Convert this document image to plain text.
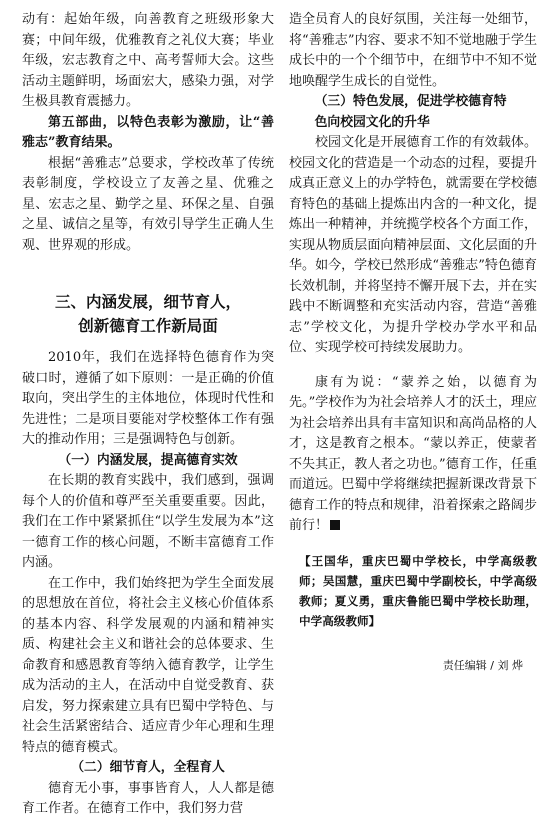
动有：起始年级，向善教育之班级形象大赛；中间年级，优雅教育之礼仪大赛；毕业年级，宏志教育之中、高考誓师大会。这些活动主题鲜明，场面宏大，感染力强，对学生极具教育震撼力。

第五部曲，以特色表彰为激励，让“善雅志”教育结果。

根据“善雅志”总要求，学校改革了传统表彰制度，学校设立了友善之星、优雅之星、宏志之星、勤学之星、环保之星、自强之星、诚信之星等，有效引导学生正确人生观、世界观的形成。

三、内涵发展，细节育人，
创新德育工作新局面

2010年，我们在选择特色德育作为突破口时，遵循了如下原则：一是正确的价值取向，突出学生的主体地位，体现时代性和先进性；二是项目要能对学校整体工作有强大的推动作用；三是强调特色与创新。

（一）内涵发展，提高德育实效

在长期的教育实践中，我们感到，强调每个人的价值和尊严至关重要重要。因此，我们在工作中紧紧抓住“以学生发展为本”这一德育工作的核心问题，不断丰富德育工作内涵。

在工作中，我们始终把为学生全面发展的思想放在首位，将社会主义核心价值体系的基本内容、科学发展观的内涵和精神实质、构建社会主义和谐社会的总体要求、生命教育和感恩教育等纳入德育教学，让学生成为活动的主人，在活动中自觉受教育、获启发，努力探索建立具有巴蜀中学特色、与社会生活紧密结合、适应青少年心理和生理特点的德育模式。

（二）细节育人，全程育人

德育无小事，事事皆育人，人人都是德育工作者。在德育工作中，我们努力营

造全员育人的良好氛围，关注每一处细节，将“善雅志”内容、要求不知不觉地融于学生成长中的一个个细节中，在细节中不知不觉地唤醒学生成长的自觉性。

（三）特色发展，促进学校德育特
色向校园文化的升华

校园文化是开展德育工作的有效载体。校园文化的营造是一个动态的过程，要提升成真正意义上的办学特色，就需要在学校德育特色的基础上提炼出内含的一种文化，提炼出一种精神，并统揽学校各个方面工作，实现从物质层面向精神层面、文化层面的升华。如今，学校已然形成“善雅志”特色德育长效机制，并将坚持不懈开展下去，并在实践中不断调整和充实活动内容，营造“善雅志”学校文化，为提升学校办学水平和品位、实现学校可持续发展助力。

康有为说：“蒙养之始，以德育为先。”学校作为为社会培养人才的沃土，理应为社会培养出具有丰富知识和高尚品格的人才，这是教育之根本。“蒙以养正，使蒙者不失其正，教人者之功也。”德育工作，任重而道远。巴蜀中学将继续把握新课改背景下德育工作的特点和规律，沿着探索之路阔步前行！

【王国华，重庆巴蜀中学校长，中学高级教师；吴国慧，重庆巴蜀中学副校长，中学高级教师；夏义勇，重庆鲁能巴蜀中学校长助理，中学高级教师】

责任编辑 / 刘 烨
